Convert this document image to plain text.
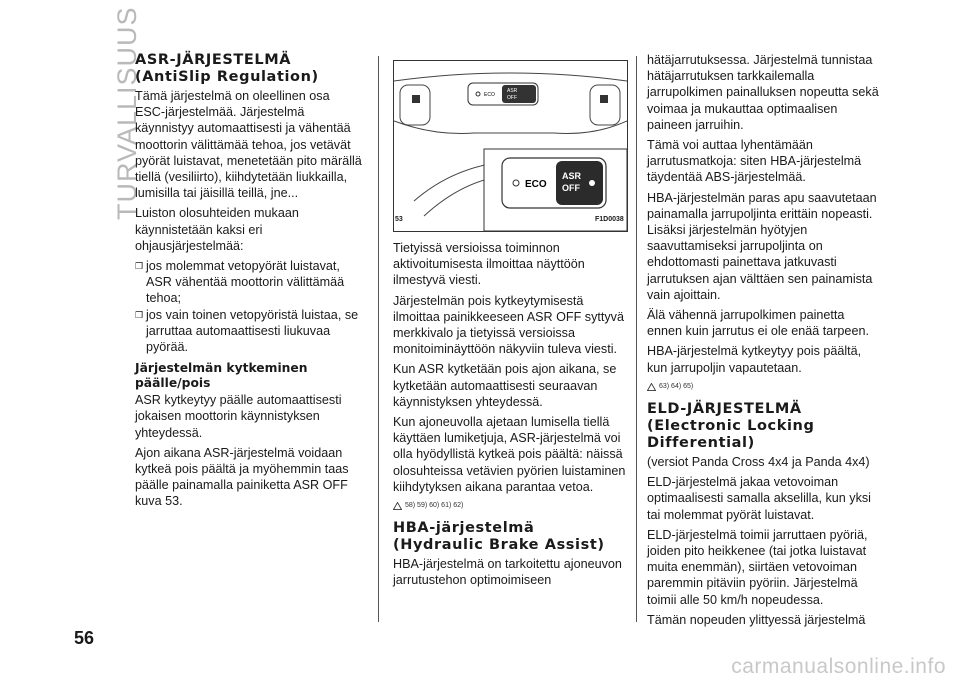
TURVALLISUUS
ASR-JÄRJESTELMÄ
(AntiSlip Regulation)

Tämä järjestelmä on oleellinen osa ESC-järjestelmää. Järjestelmä käynnistyy automaattisesti ja vähentää moottorin välittämää tehoa, jos vetävät pyörät luistavat, menetetään pito märällä tiellä (vesiliirto), kiihdytetään liukkailla, lumisilla tai jäisillä teillä, jne...

Luiston olosuhteiden mukaan käynnistetään kaksi eri ohjausjärjestelmää:

❒ jos molemmat vetopyörät luistavat, ASR vähentää moottorin välittämää tehoa;
❒ jos vain toinen vetopyöristä luistaa, se jarruttaa automaattisesti liukuvaa pyörää.
Järjestelmän kytkeminen
päälle/pois

ASR kytkeytyy päälle automaattisesti jokaisen moottorin käynnistyksen yhteydessä.

Ajon aikana ASR-järjestelmä voidaan kytkeä pois päältä ja myöhemmin taas päälle painamalla painiketta ASR OFF kuva 53.

ECO
ASR
OFF
ECO
ASR
OFF
53	F1D0038

Tietyissä versioissa toiminnon aktivoitumisesta ilmoittaa näyttöön ilmestyvä viesti.

Järjestelmän pois kytkeytymisestä ilmoittaa painikkeeseen ASR OFF syttyvä merkkivalo ja tietyissä versioissa monitoiminäyttöön näkyviin tuleva viesti.

Kun ASR kytketään pois ajon aikana, se kytketään automaattisesti seuraavan käynnistyksen yhteydessä.

Kun ajoneuvolla ajetaan lumisella tiellä käyttäen lumiketjuja, ASR-järjestelmä voi olla hyödyllistä kytkeä pois päältä: näissä olosuhteissa vetävien pyörien luistaminen kiihdytyksen aikana parantaa vetoa.

58) 59) 60) 61) 62)
HBA-järjestelmä
(Hydraulic Brake Assist)

HBA-järjestelmä on tarkoitettu ajoneuvon jarrutustehon optimoimiseen

hätäjarrutuksessa. Järjestelmä tunnistaa hätäjarrutuksen tarkkailemalla jarrupolkimen painalluksen nopeutta sekä voimaa ja mukauttaa optimaalisen paineen jarruihin.

Tämä voi auttaa lyhentämään jarrutusmatkoja: siten HBA-järjestelmä täydentää ABS-järjestelmää.

HBA-järjestelmän paras apu saavutetaan painamalla jarrupoljinta erittäin nopeasti. Lisäksi järjestelmän hyötyjen saavuttamiseksi jarrupoljinta on ehdottomasti painettava jatkuvasti jarrutuksen ajan välttäen sen painamista vain ajoittain.

Älä vähennä jarrupolkimen painetta ennen kuin jarrutus ei ole enää tarpeen.

HBA-järjestelmä kytkeytyy pois päältä, kun jarrupoljin vapautetaan.

63) 64) 65)
ELD-JÄRJESTELMÄ
(Electronic Locking
Differential)

(versiot Panda Cross 4x4 ja Panda 4x4)

ELD-järjestelmä jakaa vetovoiman optimaalisesti samalla akselilla, kun yksi tai molemmat pyörät luistavat.

ELD-järjestelmä toimii jarruttaen pyöriä, joiden pito heikkenee (tai jotka luistavat muita enemmän), siirtäen vetovoiman paremmin pitäviin pyöriin. Järjestelmä toimii alle 50 km/h nopeudessa.

Tämän nopeuden ylittyessä järjestelmä

56
carmanualsonline.info
